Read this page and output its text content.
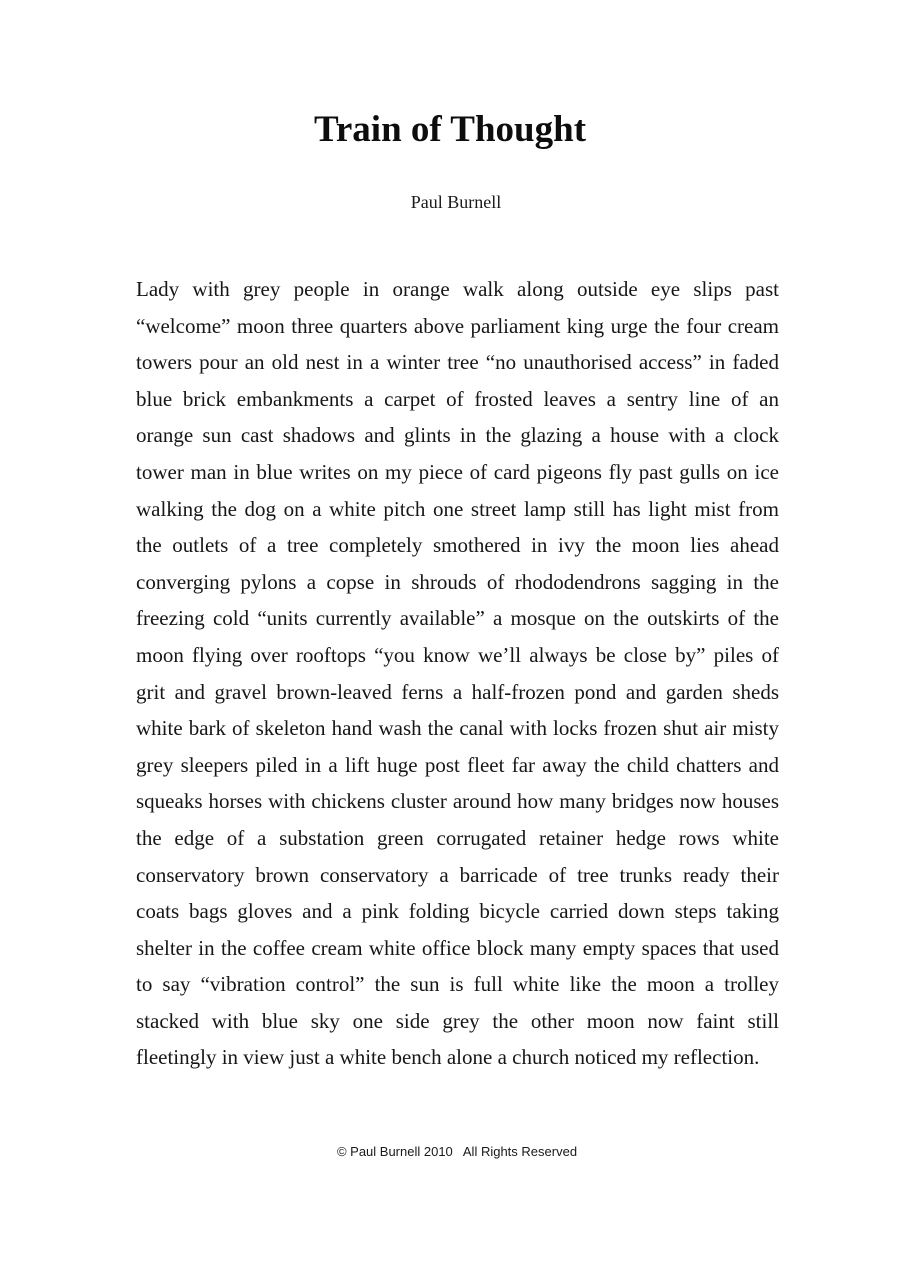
Train of Thought
Paul Burnell
Lady with grey people in orange walk along outside eye slips past
“welcome” moon three quarters above parliament king urge the four cream
towers pour an old nest in a winter tree “no unauthorised access” in faded
blue brick embankments a carpet of frosted leaves a sentry line of an
orange sun cast shadows and glints in the glazing a house with a clock
tower man in blue writes on my piece of card pigeons fly past gulls on ice
walking the dog on a white pitch one street lamp still has light mist from
the outlets of a tree completely smothered in ivy the moon lies ahead
converging pylons a copse in shrouds of rhododendrons sagging in the
freezing cold “units currently available” a mosque on the outskirts of the
moon flying over rooftops “you know we’ll always be close by” piles of
grit and gravel brown-leaved ferns a half-frozen pond and garden sheds
white bark of skeleton hand wash the canal with locks frozen shut air misty
grey sleepers piled in a lift huge post fleet far away the child chatters and
squeaks horses with chickens cluster around how many bridges now houses
the edge of a substation green corrugated retainer hedge rows white
conservatory brown conservatory a barricade of tree trunks ready their
coats bags gloves and a pink folding bicycle carried down steps taking
shelter in the coffee cream white office block many empty spaces that used
to say “vibration control” the sun is full white like the moon a trolley
stacked with blue sky one side grey the other moon now faint still
fleetingly in view just a white bench alone a church noticed my reflection.
© Paul Burnell 2010   All Rights Reserved
